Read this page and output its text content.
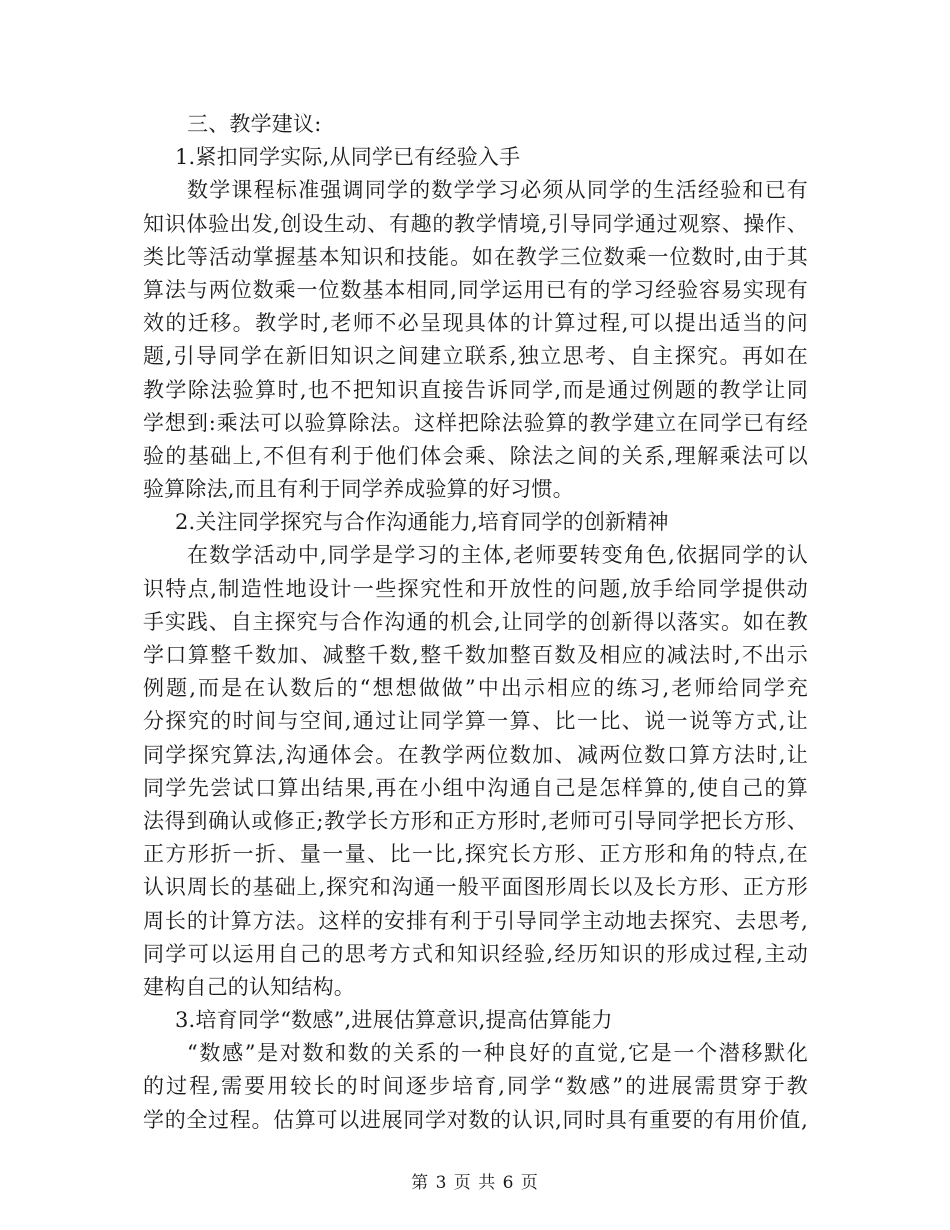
三、教学建议:
1.紧扣同学实际,从同学已有经验入手
数学课程标准强调同学的数学学习必须从同学的生活经验和已有
知识体验出发,创设生动、有趣的教学情境,引导同学通过观察、操作、
类比等活动掌握基本知识和技能。如在教学三位数乘一位数时,由于其
算法与两位数乘一位数基本相同,同学运用已有的学习经验容易实现有
效的迁移。教学时,老师不必呈现具体的计算过程,可以提出适当的问
题,引导同学在新旧知识之间建立联系,独立思考、自主探究。再如在
教学除法验算时,也不把知识直接告诉同学,而是通过例题的教学让同
学想到:乘法可以验算除法。这样把除法验算的教学建立在同学已有经
验的基础上,不但有利于他们体会乘、除法之间的关系,理解乘法可以
验算除法,而且有利于同学养成验算的好习惯。
2.关注同学探究与合作沟通能力,培育同学的创新精神
在数学活动中,同学是学习的主体,老师要转变角色,依据同学的认
识特点,制造性地设计一些探究性和开放性的问题,放手给同学提供动
手实践、自主探究与合作沟通的机会,让同学的创新得以落实。如在教
学口算整千数加、减整千数,整千数加整百数及相应的减法时,不出示
例题,而是在认数后的“想想做做”中出示相应的练习,老师给同学充
分探究的时间与空间,通过让同学算一算、比一比、说一说等方式,让
同学探究算法,沟通体会。在教学两位数加、减两位数口算方法时,让
同学先尝试口算出结果,再在小组中沟通自己是怎样算的,使自己的算
法得到确认或修正;教学长方形和正方形时,老师可引导同学把长方形、
正方形折一折、量一量、比一比,探究长方形、正方形和角的特点,在
认识周长的基础上,探究和沟通一般平面图形周长以及长方形、正方形
周长的计算方法。这样的安排有利于引导同学主动地去探究、去思考,
同学可以运用自己的思考方式和知识经验,经历知识的形成过程,主动
建构自己的认知结构。
3.培育同学“数感”,进展估算意识,提高估算能力
“数感”是对数和数的关系的一种良好的直觉,它是一个潜移默化
的过程,需要用较长的时间逐步培育,同学“数感”的进展需贯穿于教
学的全过程。估算可以进展同学对数的认识,同时具有重要的有用价值,
第 3 页 共 6 页
